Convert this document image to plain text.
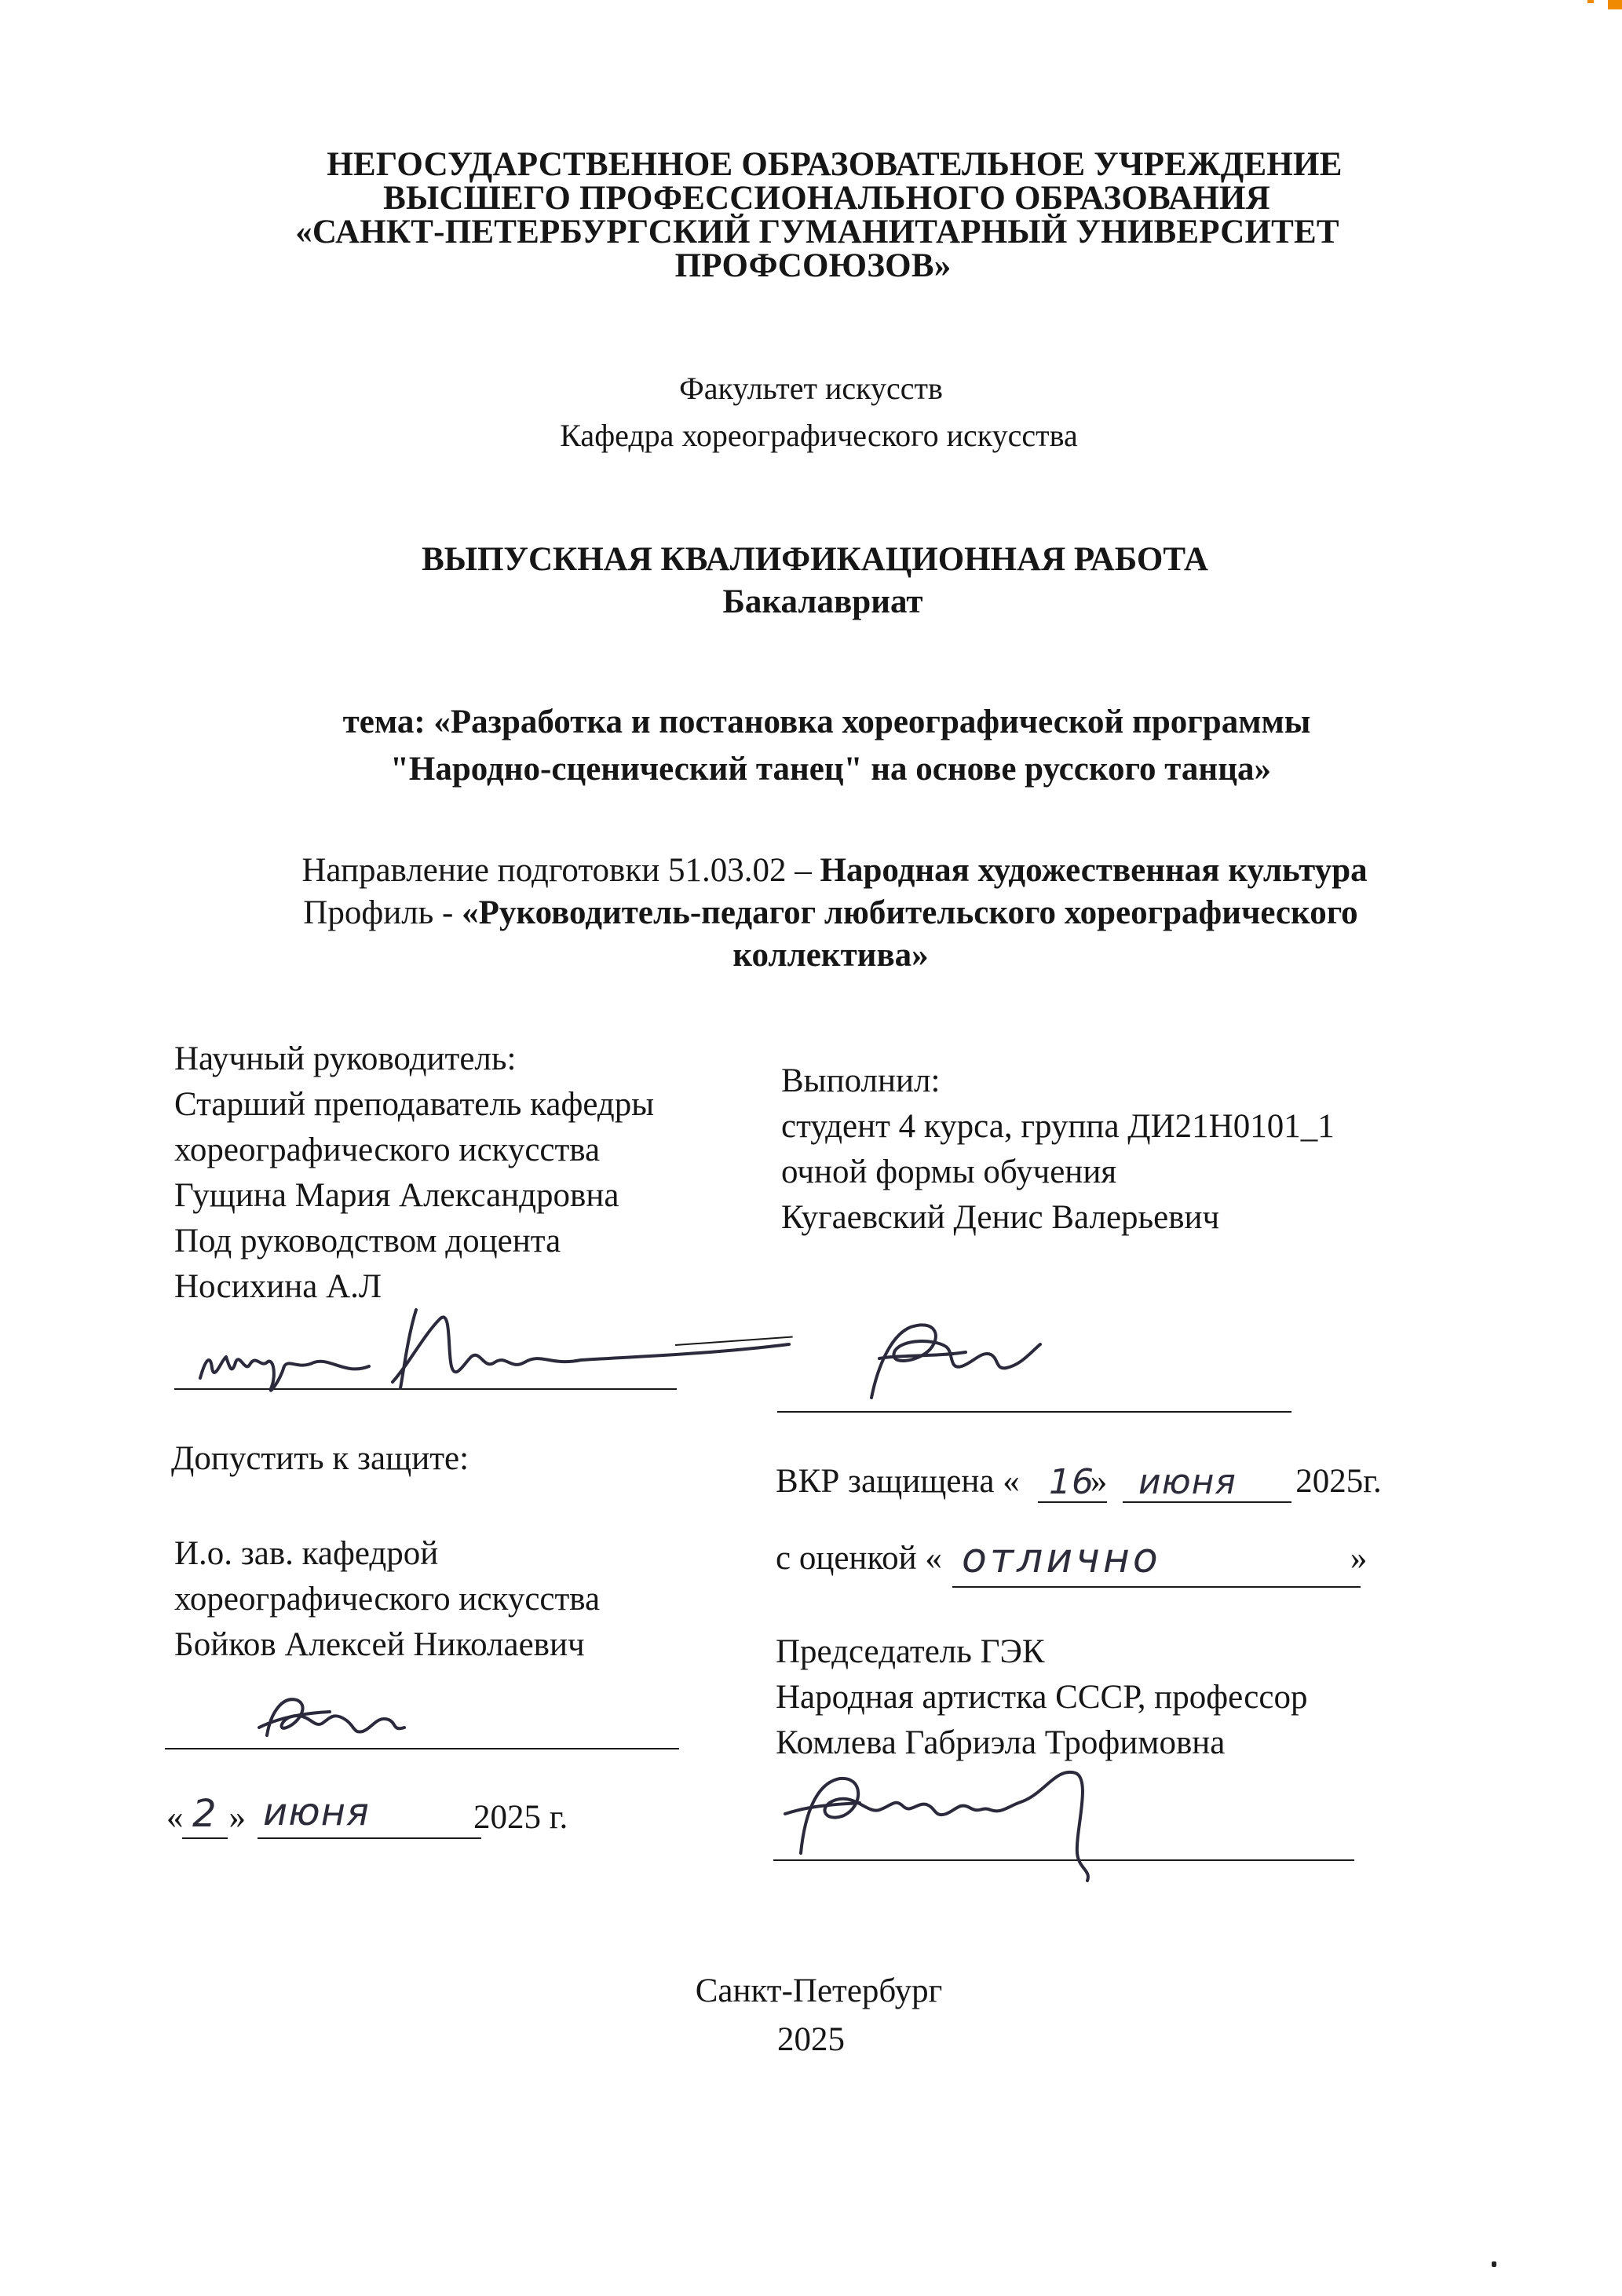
НЕГОСУДАРСТВЕННОЕ ОБРАЗОВАТЕЛЬНОЕ УЧРЕЖДЕНИЕ
ВЫСШЕГО ПРОФЕССИОНАЛЬНОГО ОБРАЗОВАНИЯ
«САНКТ-ПЕТЕРБУРГСКИЙ ГУМАНИТАРНЫЙ УНИВЕРСИТЕТ
ПРОФСОЮЗОВ»
Факультет искусств
Кафедра хореографического искусства
ВЫПУСКНАЯ КВАЛИФИКАЦИОННАЯ РАБОТА
Бакалавриат
тема: «Разработка и постановка хореографической программы
"Народно-сценический танец" на основе русского танца»
Направление подготовки 51.03.02 – Народная художественная культура
Профиль - «Руководитель-педагог любительского хореографического
коллектива»
Научный руководитель:
Старший преподаватель кафедры
хореографического искусства
Гущина Мария Александровна
Под руководством доцента
Носихина А.Л
Выполнил:
студент 4 курса, группа ДИ21Н0101_1
очной формы обучения
Кугаевский Денис Валерьевич
Допустить к защите:
ВКР защищена « »	2025г.
16 июня
с оценкой «	»
отлично
И.о. зав. кафедрой
хореографического искусства
Бойков Алексей Николаевич	Председатель ГЭК
Народная артистка СССР, профессор
Комлева Габриэла Трофимовна
« »	2025 г.
2 июня
Санкт-Петербург
2025
